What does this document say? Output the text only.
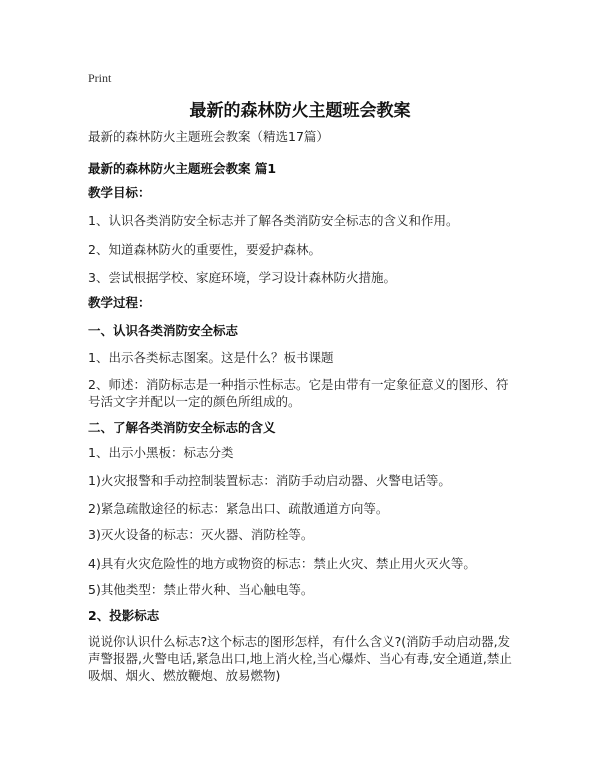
Print
最新的森林防火主题班会教案
最新的森林防火主题班会教案（精选17篇）
最新的森林防火主题班会教案 篇1
教学目标：
1、认识各类消防安全标志并了解各类消防安全标志的含义和作用。
2、知道森林防火的重要性，要爱护森林。
3、尝试根据学校、家庭环境，学习设计森林防火措施。
教学过程：
一、认识各类消防安全标志
1、出示各类标志图案。这是什么？板书课题
2、师述：消防标志是一种指示性标志。它是由带有一定象征意义的图形、符号活文字并配以一定的颜色所组成的。
二、了解各类消防安全标志的含义
1、出示小黑板：标志分类
1)火灾报警和手动控制装置标志：消防手动启动器、火警电话等。
2)紧急疏散途径的标志：紧急出口、疏散通道方向等。
3)灭火设备的标志：灭火器、消防栓等。
4)具有火灾危险性的地方或物资的标志：禁止火灾、禁止用火灭火等。
5)其他类型：禁止带火种、当心触电等。
2、投影标志
说说你认识什么标志?这个标志的图形怎样，有什么含义?(消防手动启动器,发声警报器,火警电话,紧急出口,地上消火栓,当心爆炸、当心有毒,安全通道,禁止吸烟、烟火、燃放鞭炮、放易燃物)
